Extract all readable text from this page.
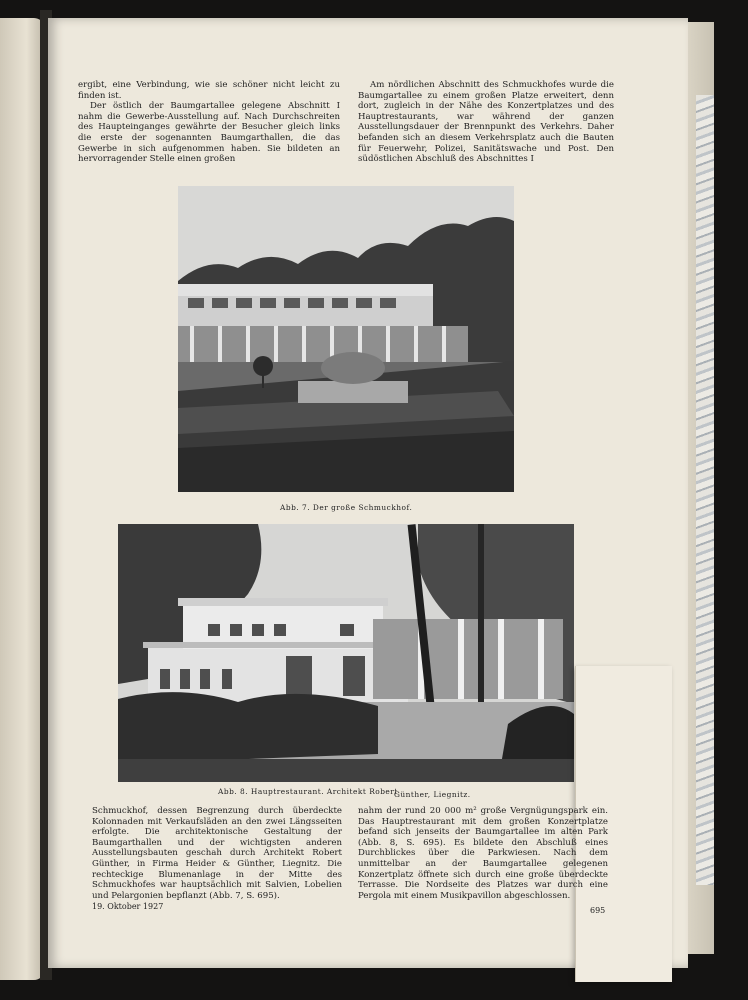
ergibt, eine Verbindung, wie sie schöner nicht leicht zu finden ist.

Der östlich der Baumgartallee gelegene Abschnitt I nahm die Gewerbe-Ausstellung auf. Nach Durchschreiten des Haupteinganges gewährte der Besucher gleich links die erste der sogenannten Baumgarthallen, die das Gewerbe in sich aufgenommen haben. Sie bildeten an hervorragender Stelle einen großen

Am nördlichen Abschnitt des Schmuckhofes wurde die Baumgartallee zu einem großen Platze erweitert, denn dort, zugleich in der Nähe des Konzertplatzes und des Hauptrestaurants, war während der ganzen Ausstellungsdauer der Brennpunkt des Verkehrs. Daher befanden sich an diesem Verkehrsplatz auch die Bauten für Feuerwehr, Polizei, Sanitätswache und Post. Den südöstlichen Abschluß des Abschnittes I

Abb. 7. Der große Schmuckhof.
Abb. 8. Hauptrestaurant. Architekt Robert
Günther, Liegnitz.

Schmuckhof, dessen Begrenzung durch überdeckte Kolonnaden mit Verkaufsläden an den zwei Längsseiten erfolgte. Die architektonische Gestaltung der Baumgarthallen und der wichtigsten anderen Ausstellungsbauten geschah durch Architekt Robert Günther, in Firma Heider & Günther, Liegnitz. Die rechteckige Blumenanlage in der Mitte des Schmuckhofes war hauptsächlich mit Salvien, Lobelien und Pelargonien bepflanzt (Abb. 7, S. 695).

nahm der rund 20 000 m² große Vergnügungspark ein. Das Hauptrestaurant mit dem großen Konzertplatze befand sich jenseits der Baumgartallee im alten Park (Abb. 8, S. 695). Es bildete den Abschluß eines Durchblickes über die Parkwiesen. Nach dem unmittelbar an der Baumgartallee gelegenen Konzertplatz öffnete sich durch eine große überdeckte Terrasse. Die Nordseite des Platzes war durch eine Pergola mit einem Musikpavillon abgeschlossen.

19. Oktober 1927	695
